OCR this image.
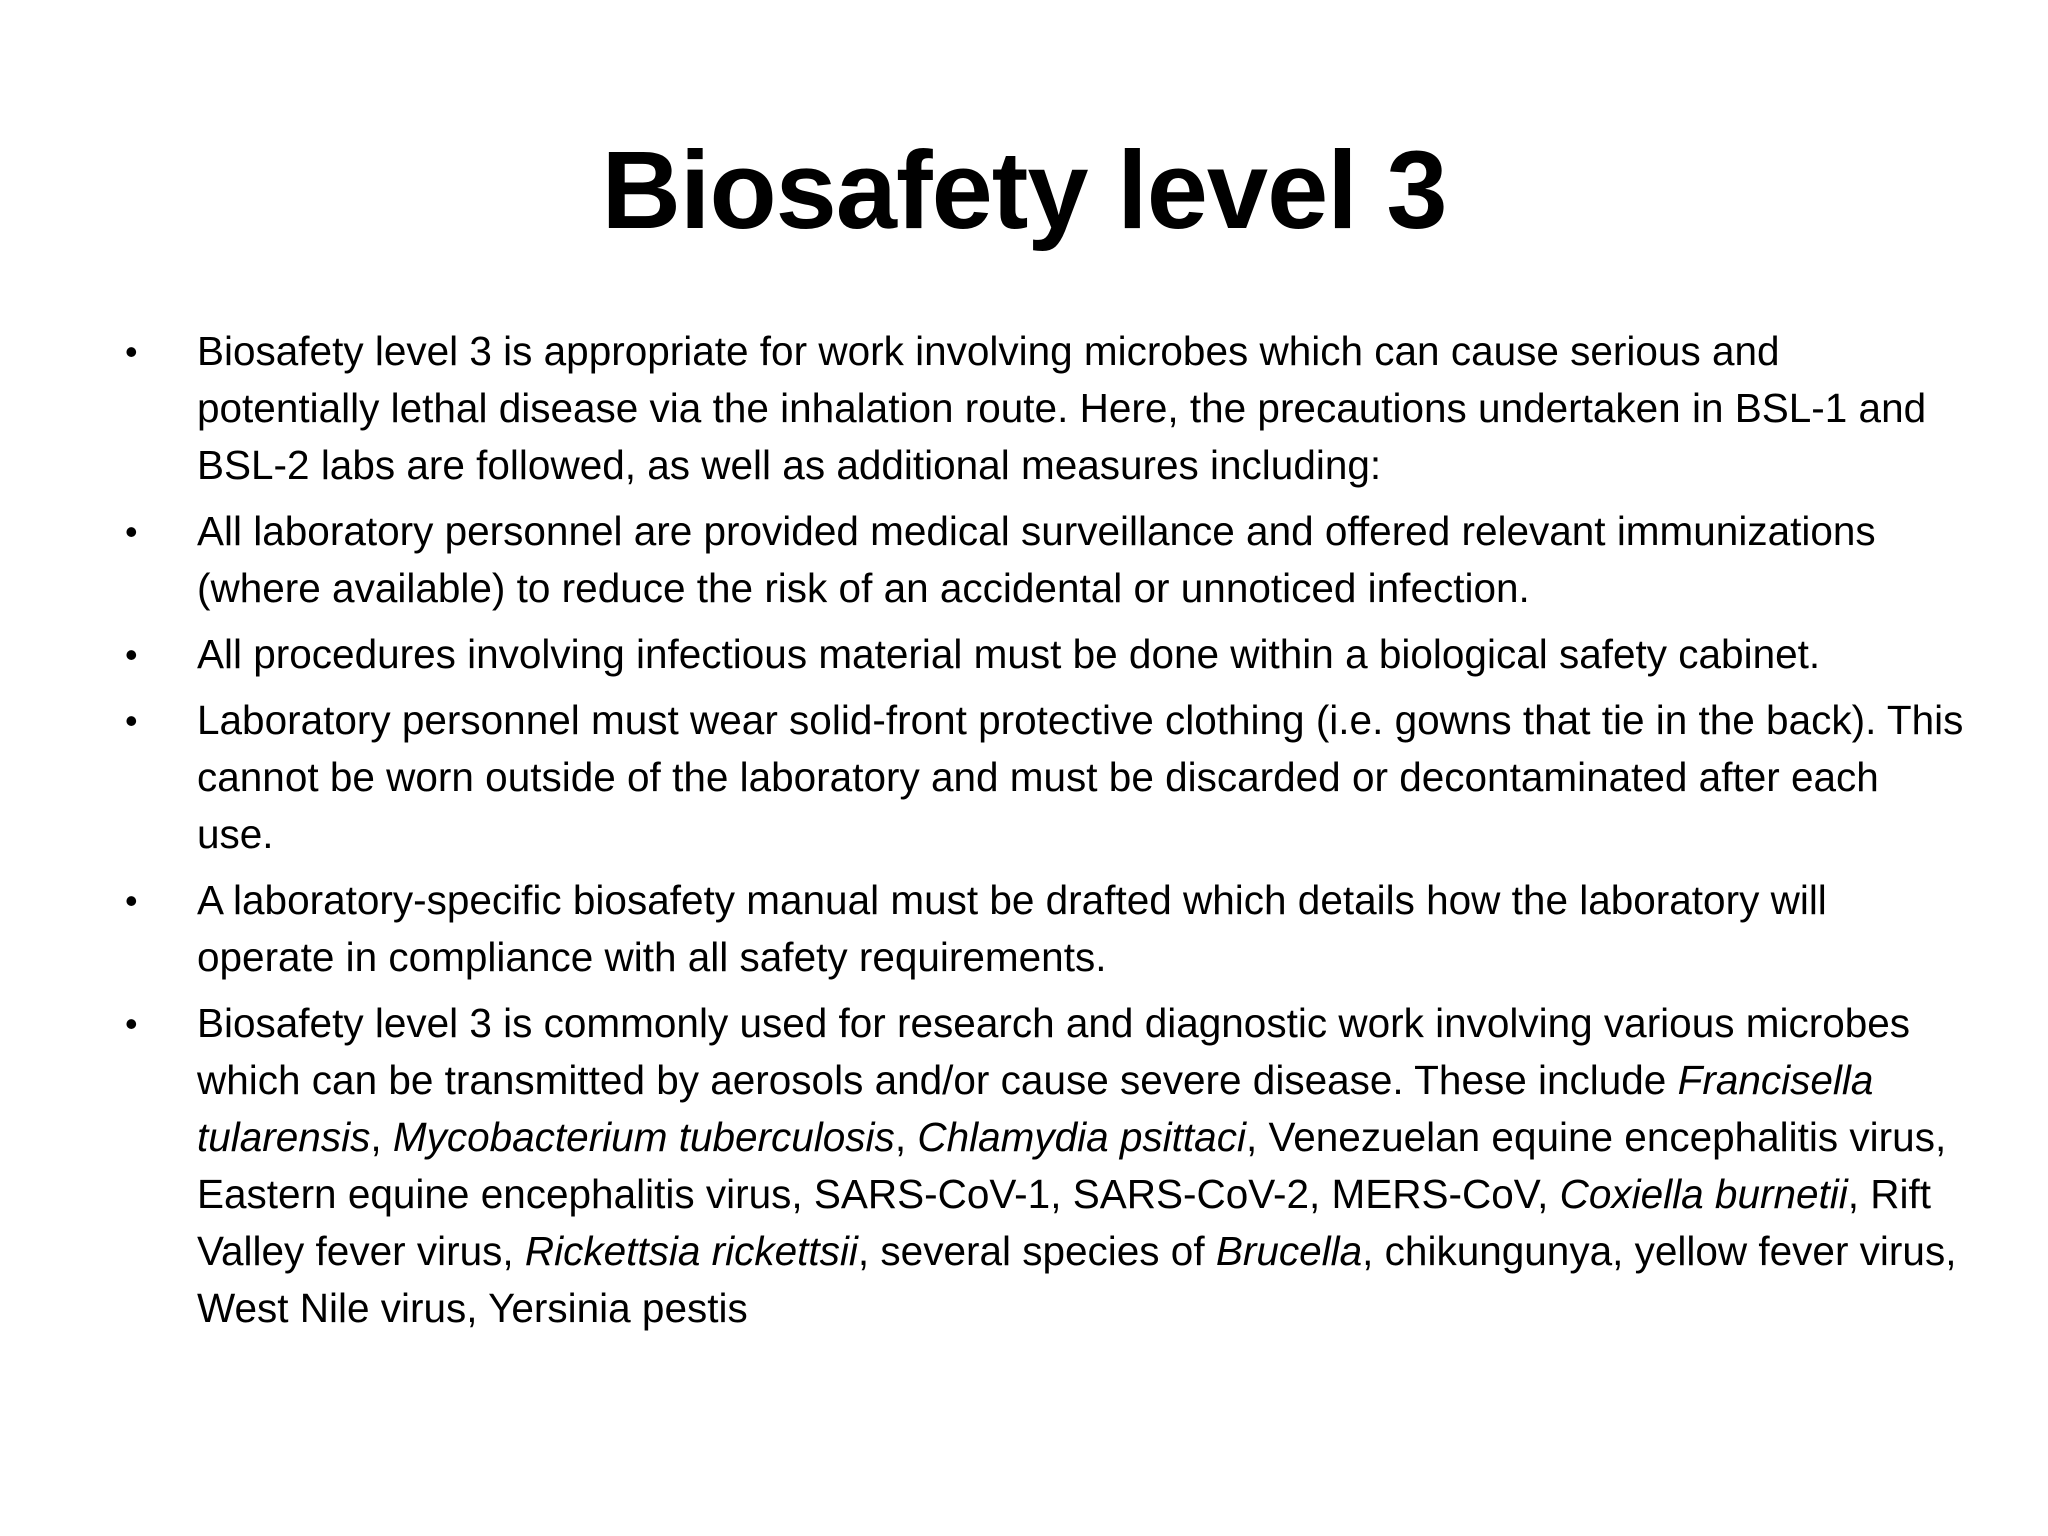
Biosafety level 3
• Biosafety level 3 is appropriate for work involving microbes which can cause serious and potentially lethal disease via the inhalation route. Here, the precautions undertaken in BSL-1 and BSL-2 labs are followed, as well as additional measures including:
• All laboratory personnel are provided medical surveillance and offered relevant immunizations (where available) to reduce the risk of an accidental or unnoticed infection.
• All procedures involving infectious material must be done within a biological safety cabinet.
• Laboratory personnel must wear solid-front protective clothing (i.e. gowns that tie in the back). This cannot be worn outside of the laboratory and must be discarded or decontaminated after each use.
• A laboratory-specific biosafety manual must be drafted which details how the laboratory will operate in compliance with all safety requirements.
• Biosafety level 3 is commonly used for research and diagnostic work involving various microbes which can be transmitted by aerosols and/or cause severe disease. These include Francisella tularensis, Mycobacterium tuberculosis, Chlamydia psittaci, Venezuelan equine encephalitis virus, Eastern equine encephalitis virus, SARS-CoV-1, SARS-CoV-2, MERS-CoV, Coxiella burnetii, Rift Valley fever virus, Rickettsia rickettsii, several species of Brucella, chikungunya, yellow fever virus, West Nile virus, Yersinia pestis
